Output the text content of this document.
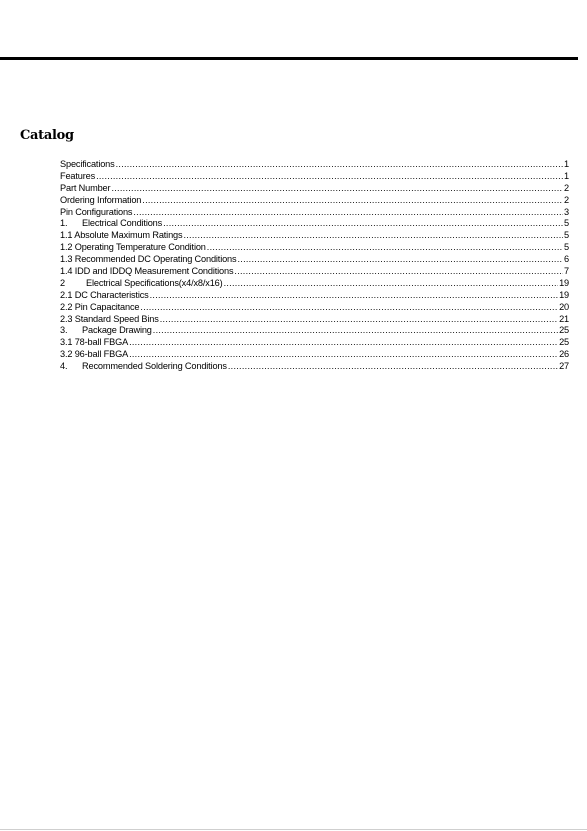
Catalog
Specifications .....	1
Features .....	1
Part Number .....	2
Ordering Information .....	2
Pin Configurations .....	3
1. Electrical Conditions .....	5
1.1 Absolute Maximum Ratings .....	5
1.2 Operating Temperature Condition .....	5
1.3 Recommended DC Operating Conditions .....	6
1.4 IDD and IDDQ Measurement Conditions .....	7
2 Electrical Specifications(x4/x8/x16) .....	19
2.1 DC Characteristics .....	19
2.2 Pin Capacitance .....	20
2.3 Standard Speed Bins .....	21
3. Package Drawing .....	25
3.1 78-ball FBGA .....	25
3.2 96-ball FBGA .....	26
4. Recommended Soldering Conditions .....	27
